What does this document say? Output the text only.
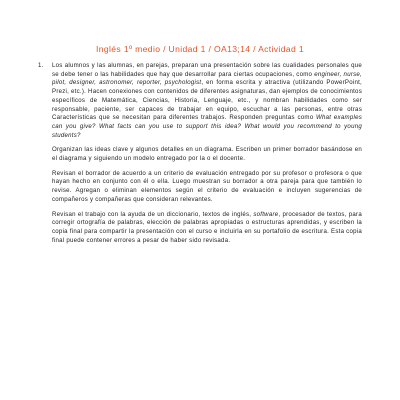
Inglés 1º medio / Unidad 1 / OA13;14 / Actividad 1
1. Los alumnos y las alumnas, en parejas, preparan una presentación sobre las cualidades personales que se debe tener o las habilidades que hay que desarrollar para ciertas ocupaciones, como engineer, nurse, pilot, designer, astronomer, reporter, psychologist, en forma escrita y atractiva (utilizando PowerPoint, Prezi, etc.). Hacen conexiones con contenidos de diferentes asignaturas, dan ejemplos de conocimientos específicos de Matemática, Ciencias, Historia, Lenguaje, etc., y nombran habilidades como ser responsable, paciente, ser capaces de trabajar en equipo, escuchar a las personas, entre otras Características que se necesitan para diferentes trabajos. Responden preguntas como What examples can you give? What facts can you use to support this idea? What would you recommend to young students?

Organizan las ideas clave y algunos detalles en un diagrama. Escriben un primer borrador basándose en el diagrama y siguiendo un modelo entregado por la o el docente.

Revisan el borrador de acuerdo a un criterio de evaluación entregado por su profesor o profesora o que hayan hecho en conjunto con él o ella. Luego muestran su borrador a otra pareja para que también lo revise. Agregan o eliminan elementos según el criterio de evaluación e incluyen sugerencias de compañeros y compañeras que consideran relevantes.

Revisan el trabajo con la ayuda de un diccionario, textos de inglés, software, procesador de textos, para corregir ortografía de palabras, elección de palabras apropiadas o estructuras aprendidas, y escriben la copia final para compartir la presentación con el curso e incluirla en su portafolio de escritura. Esta copia final puede contener errores a pesar de haber sido revisada.
